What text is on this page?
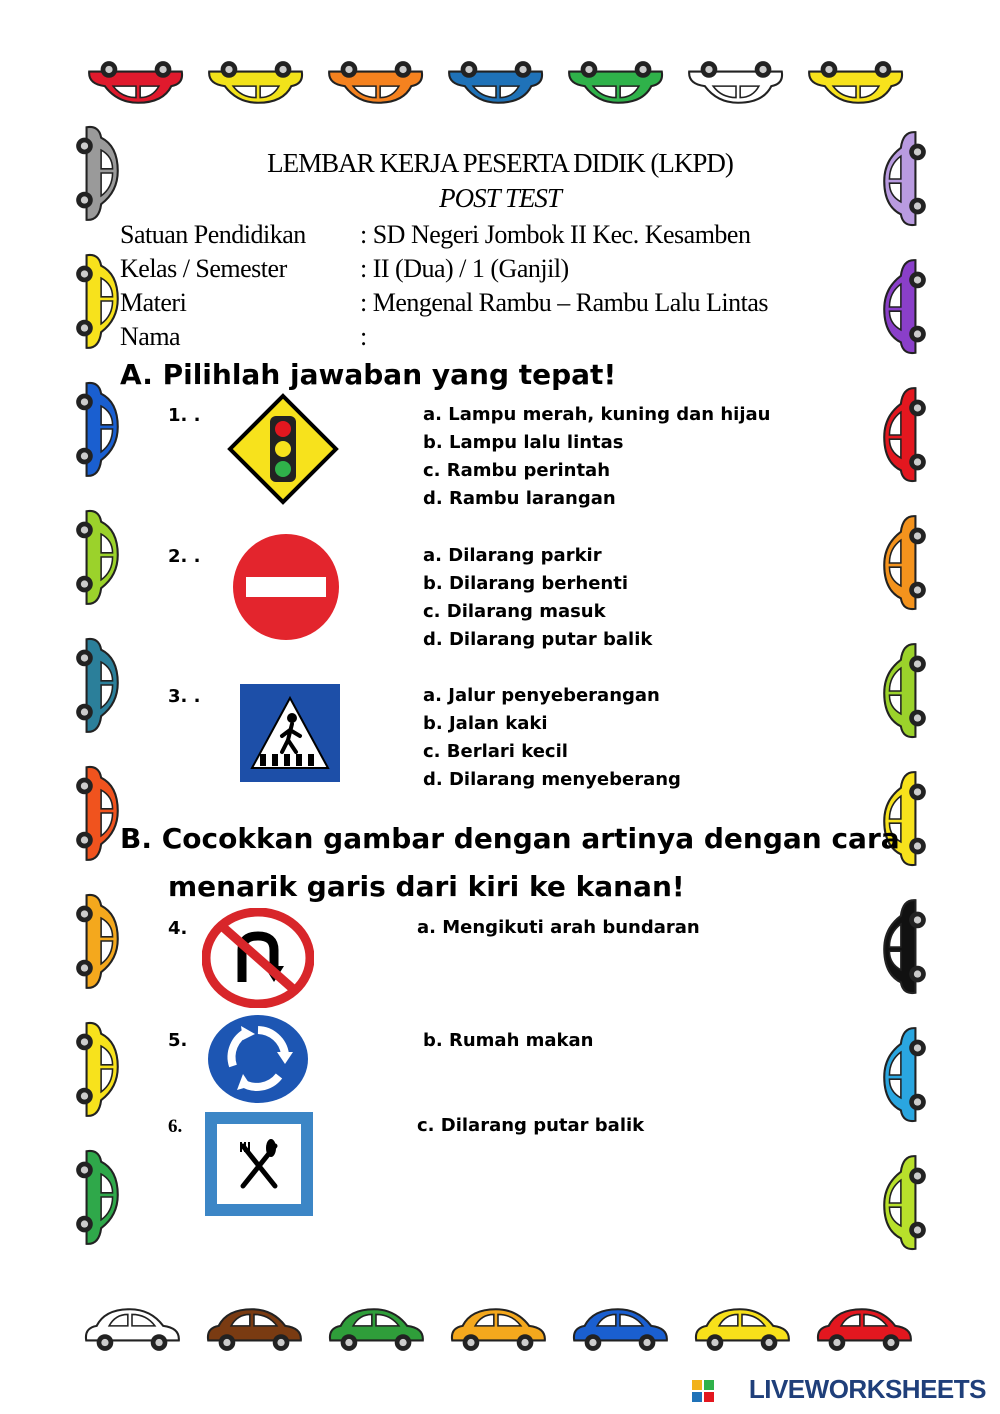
LEMBAR KERJA PESERTA DIDIK (LKPD)
POST TEST
Satuan Pendidikan : SD Negeri Jombok II Kec. Kesamben
Kelas / Semester	: II (Dua) / 1 (Ganjil)
Materi	: Mengenal Rambu – Rambu Lalu Lintas
Nama	:
A. Pilihlah jawaban yang tepat!
1. .	a. Lampu merah, kuning dan hijau
b. Lampu lalu lintas
c. Rambu perintah
d. Rambu larangan
2. .	a. Dilarang parkir
b. Dilarang berhenti
c. Dilarang masuk
d. Dilarang putar balik
3. .	a. Jalur penyeberangan
b. Jalan kaki
c. Berlari kecil
d. Dilarang menyeberang
B. Cocokkan gambar dengan artinya dengan cara
menarik garis dari kiri ke kanan!
4.	a. Mengikuti arah bundaran
5.	b. Rumah makan
6.	c. Dilarang putar balik
LIVEWORKSHEETS
